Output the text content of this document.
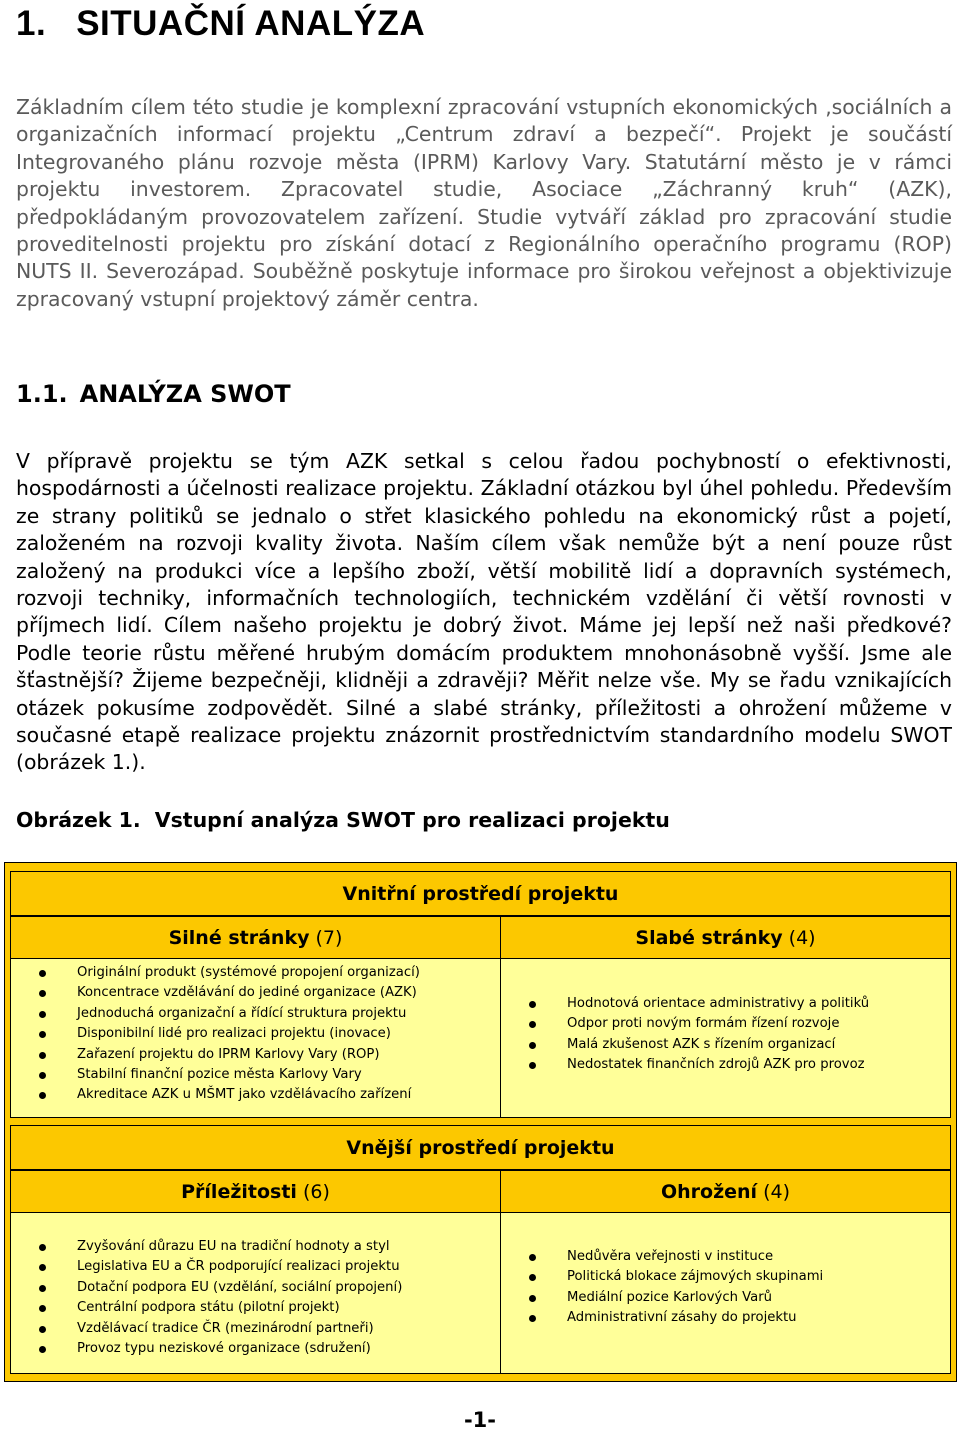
1. SITUAČNÍ ANALÝZA

Základním cílem této studie je komplexní zpracování vstupních ekonomických ‚sociálních a organizačních informací projektu „Centrum zdraví a bezpečí“. Projekt je součástí Integrovaného plánu rozvoje města (IPRM) Karlovy Vary. Statutární město je v rámci projektu investorem. Zpracovatel studie, Asociace „Záchranný kruh“ (AZK), předpokládaným provozovatelem zařízení. Studie vytváří základ pro zpracování studie proveditelnosti projektu pro získání dotací z Regionálního operačního programu (ROP) NUTS II. Severozápad. Souběžně poskytuje informace pro širokou veřejnost a objektivizuje zpracovaný vstupní projektový záměr centra.

1.1. ANALÝZA SWOT

V přípravě projektu se tým AZK setkal s celou řadou pochybností o efektivnosti, hospodárnosti a účelnosti realizace projektu. Základní otázkou byl úhel pohledu. Především ze strany politiků se jednalo o střet klasického pohledu na ekonomický růst a pojetí, založeném na rozvoji kvality života. Naším cílem však nemůže být a není pouze růst založený na produkci více a lepšího zboží, větší mobilitě lidí a dopravních systémech, rozvoji techniky, informačních technologiích, technickém vzdělání či větší rovnosti v příjmech lidí. Cílem našeho projektu je dobrý život. Máme jej lepší než naši předkové? Podle teorie růstu měřené hrubým domácím produktem mnohonásobně vyšší. Jsme ale šťastnější? Žijeme bezpečněji, klidněji a zdravěji? Měřit nelze vše. My se řadu vznikajících otázek pokusíme zodpovědět. Silné a slabé stránky, příležitosti a ohrožení můžeme v současné etapě realizace projektu znázornit prostřednictvím standardního modelu SWOT (obrázek 1.).

Obrázek 1. Vstupní analýza SWOT pro realizaci projektu
Vnitřní prostředí projektu
Silné stránky (7)	Slabé stránky (4)
Originální produkt (systémové propojení organizací)
Koncentrace vzdělávání do jediné organizace (AZK)
Jednoduchá organizační a řídící struktura projektu
Disponibilní lidé pro realizaci projektu (inovace)
Zařazení projektu do IPRM Karlovy Vary (ROP)
Stabilní finanční pozice města Karlovy Vary
Akreditace AZK u MŠMT jako vzdělávacího zařízení
Hodnotová orientace administrativy a politiků
Odpor proti novým formám řízení rozvoje
Malá zkušenost AZK s řízením organizací
Nedostatek finančních zdrojů AZK pro provoz
Vnější prostředí projektu
Příležitosti (6)	Ohrožení (4)
Zvyšování důrazu EU na tradiční hodnoty a styl
Legislativa EU a ČR podporující realizaci projektu
Dotační podpora EU (vzdělání, sociální propojení)
Centrální podpora státu (pilotní projekt)
Vzdělávací tradice ČR (mezinárodní partneři)
Provoz typu neziskové organizace (sdružení)
Nedůvěra veřejnosti v instituce
Politická blokace zájmových skupinami
Mediální pozice Karlových Varů
Administrativní zásahy do projektu
-1-
